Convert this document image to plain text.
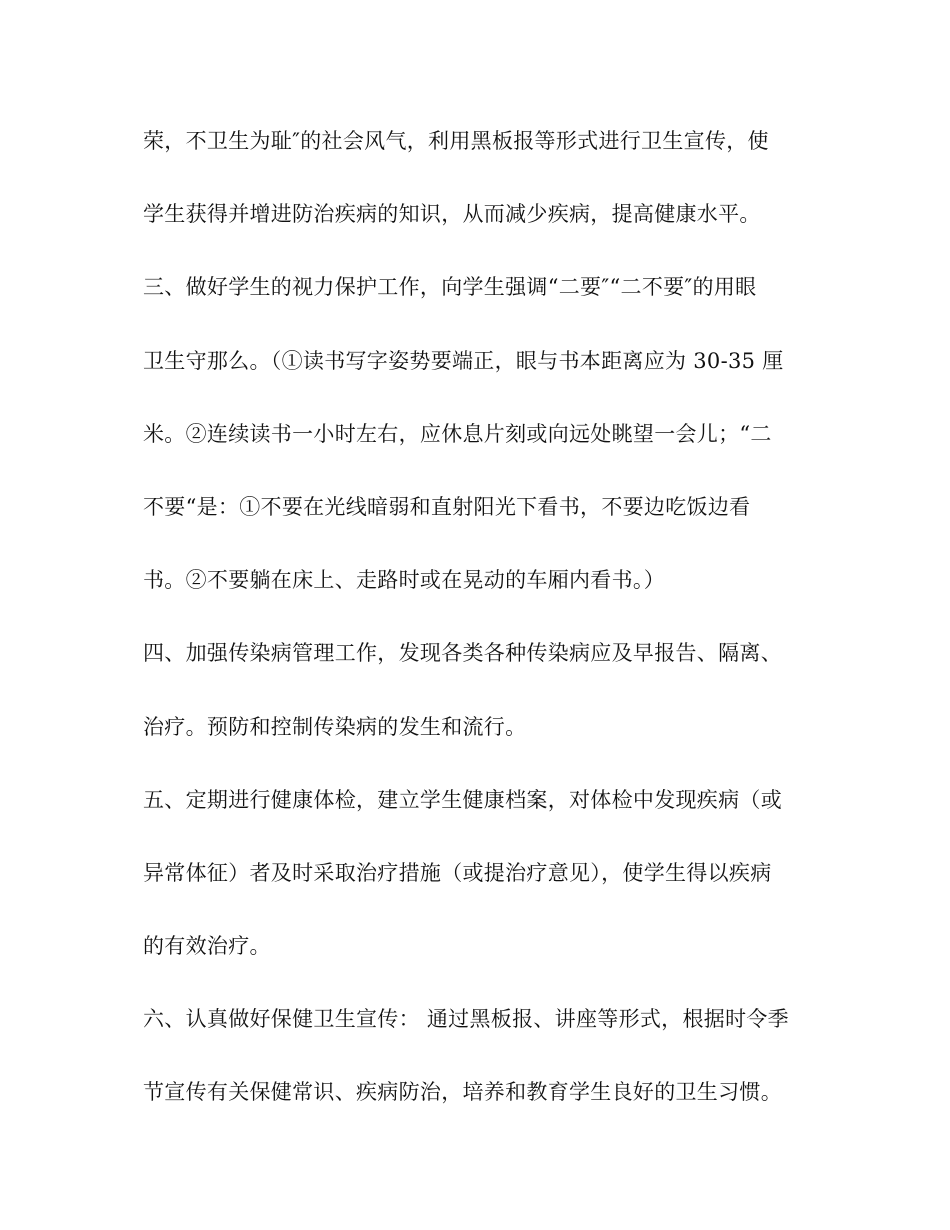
荣，不卫生为耻″的社会风气，利用黑板报等形式进行卫生宣传，使
学生获得并增进防治疾病的知识，从而减少疾病，提高健康水平。
三、做好学生的视力保护工作，向学生强调“二要″“二不要″的用眼
卫生守那么。（①读书写字姿势要端正，眼与书本距离应为 30-35 厘
米。②连续读书一小时左右，应休息片刻或向远处眺望一会儿；“二
不要“是：①不要在光线暗弱和直射阳光下看书，不要边吃饭边看
书。②不要躺在床上、走路时或在晃动的车厢内看书。）
四、加强传染病管理工作，发现各类各种传染病应及早报告、隔离、
治疗。预防和控制传染病的发生和流行。
五、定期进行健康体检，建立学生健康档案，对体检中发现疾病（或
异常体征）者及时采取治疗措施（或提治疗意见），使学生得以疾病
的有效治疗。
六、认真做好保健卫生宣传： 通过黑板报、讲座等形式，根据时令季
节宣传有关保健常识、疾病防治，培养和教育学生良好的卫生习惯。
